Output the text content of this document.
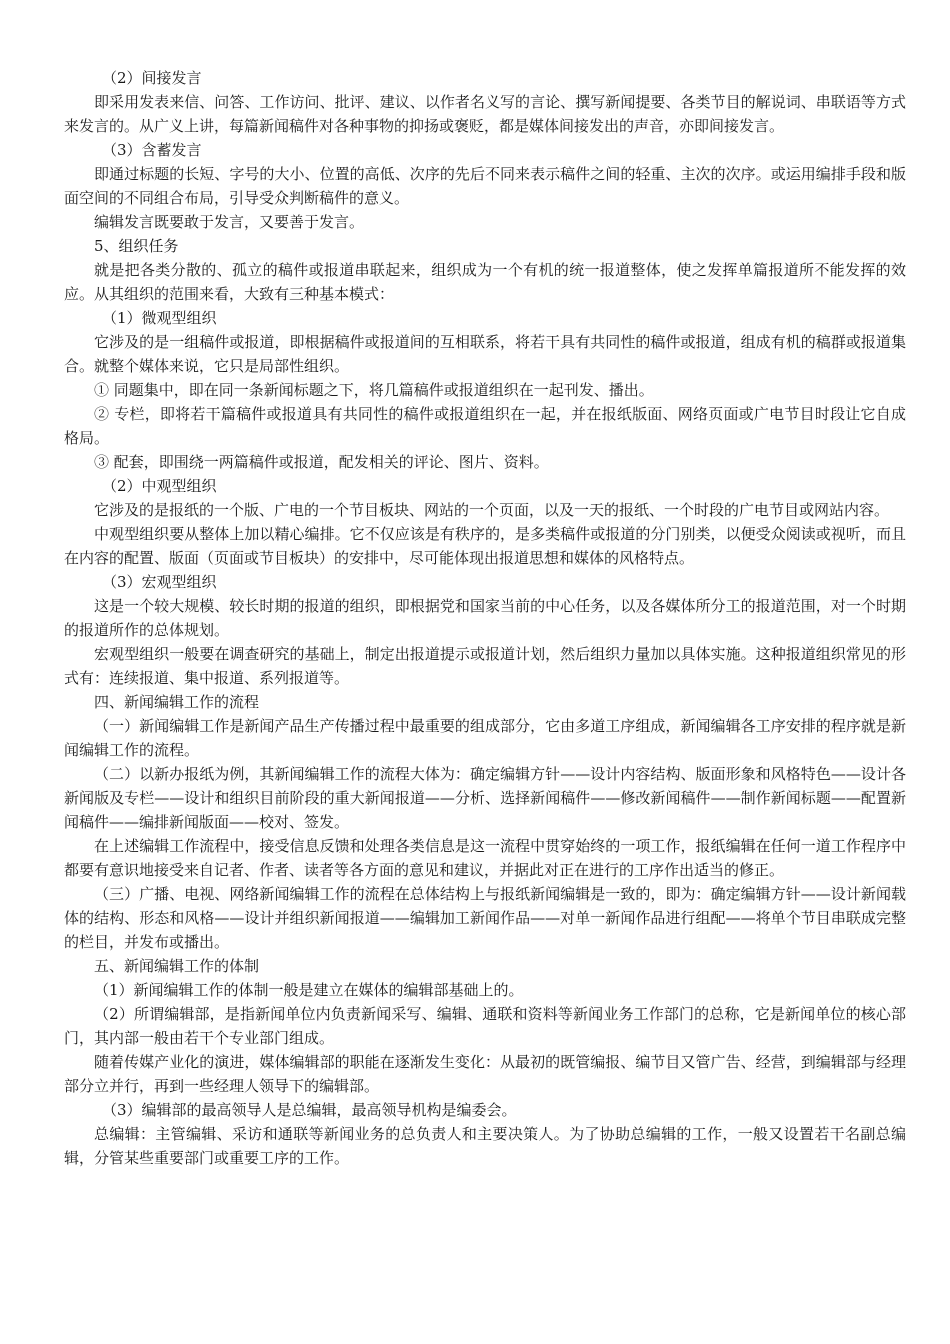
（2）间接发言

即采用发表来信、问答、工作访问、批评、建议、以作者名义写的言论、撰写新闻提要、各类节目的解说词、串联语等方式来发言的。从广义上讲，每篇新闻稿件对各种事物的抑扬或褒贬，都是媒体间接发出的声音，亦即间接发言。

（3）含蓄发言

即通过标题的长短、字号的大小、位置的高低、次序的先后不同来表示稿件之间的轻重、主次的次序。或运用编排手段和版面空间的不同组合布局，引导受众判断稿件的意义。

编辑发言既要敢于发言，又要善于发言。

5、组织任务

就是把各类分散的、孤立的稿件或报道串联起来，组织成为一个有机的统一报道整体，使之发挥单篇报道所不能发挥的效应。从其组织的范围来看，大致有三种基本模式：

（1）微观型组织

它涉及的是一组稿件或报道，即根据稿件或报道间的互相联系，将若干具有共同性的稿件或报道，组成有机的稿群或报道集合。就整个媒体来说，它只是局部性组织。

① 同题集中，即在同一条新闻标题之下，将几篇稿件或报道组织在一起刊发、播出。

② 专栏，即将若干篇稿件或报道具有共同性的稿件或报道组织在一起，并在报纸版面、网络页面或广电节目时段让它自成格局。

③ 配套，即围绕一两篇稿件或报道，配发相关的评论、图片、资料。

（2）中观型组织

它涉及的是报纸的一个版、广电的一个节目板块、网站的一个页面，以及一天的报纸、一个时段的广电节目或网站内容。

中观型组织要从整体上加以精心编排。它不仅应该是有秩序的，是多类稿件或报道的分门别类，以便受众阅读或视听，而且在内容的配置、版面（页面或节目板块）的安排中，尽可能体现出报道思想和媒体的风格特点。

（3）宏观型组织

这是一个较大规模、较长时期的报道的组织，即根据党和国家当前的中心任务，以及各媒体所分工的报道范围，对一个时期的报道所作的总体规划。

宏观型组织一般要在调查研究的基础上，制定出报道提示或报道计划，然后组织力量加以具体实施。这种报道组织常见的形式有：连续报道、集中报道、系列报道等。

四、新闻编辑工作的流程

（一）新闻编辑工作是新闻产品生产传播过程中最重要的组成部分，它由多道工序组成，新闻编辑各工序安排的程序就是新闻编辑工作的流程。

（二）以新办报纸为例，其新闻编辑工作的流程大体为：确定编辑方针——设计内容结构、版面形象和风格特色——设计各新闻版及专栏——设计和组织目前阶段的重大新闻报道——分析、选择新闻稿件——修改新闻稿件——制作新闻标题——配置新闻稿件——编排新闻版面——校对、签发。

在上述编辑工作流程中，接受信息反馈和处理各类信息是这一流程中贯穿始终的一项工作，报纸编辑在任何一道工作程序中都要有意识地接受来自记者、作者、读者等各方面的意见和建议，并据此对正在进行的工序作出适当的修正。

（三）广播、电视、网络新闻编辑工作的流程在总体结构上与报纸新闻编辑是一致的，即为：确定编辑方针——设计新闻载体的结构、形态和风格——设计并组织新闻报道——编辑加工新闻作品——对单一新闻作品进行组配——将单个节目串联成完整的栏目，并发布或播出。

五、新闻编辑工作的体制

（1）新闻编辑工作的体制一般是建立在媒体的编辑部基础上的。

（2）所谓编辑部，是指新闻单位内负责新闻采写、编辑、通联和资料等新闻业务工作部门的总称，它是新闻单位的核心部门，其内部一般由若干个专业部门组成。

随着传媒产业化的演进，媒体编辑部的职能在逐渐发生变化：从最初的既管编报、编节目又管广告、经营，到编辑部与经理部分立并行，再到一些经理人领导下的编辑部。

（3）编辑部的最高领导人是总编辑，最高领导机构是编委会。

总编辑：主管编辑、采访和通联等新闻业务的总负责人和主要决策人。为了协助总编辑的工作，一般又设置若干名副总编辑，分管某些重要部门或重要工序的工作。
